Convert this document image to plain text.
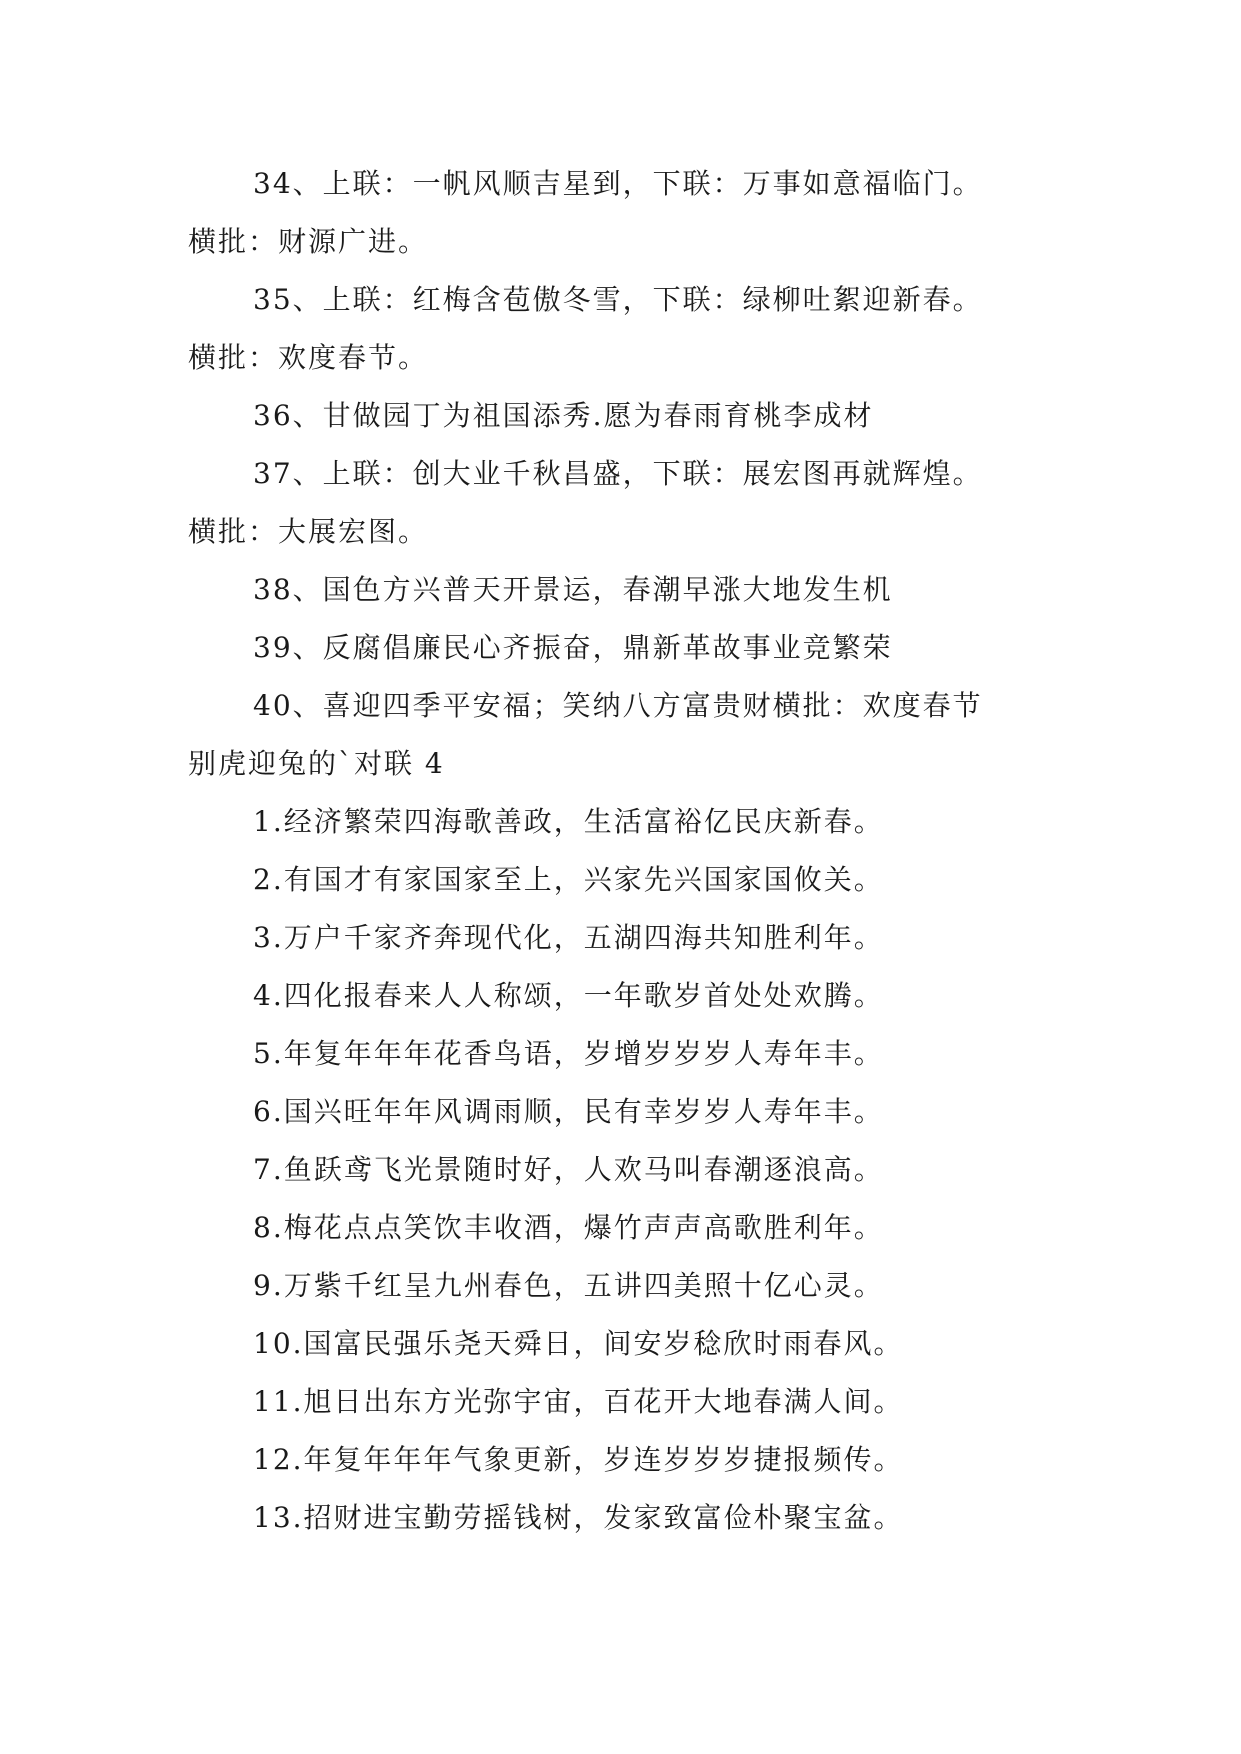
34、上联：一帆风顺吉星到，下联：万事如意福临门。

横批：财源广进。

35、上联：红梅含苞傲冬雪，下联：绿柳吐絮迎新春。

横批：欢度春节。

36、甘做园丁为祖国添秀.愿为春雨育桃李成材

37、上联：创大业千秋昌盛，下联：展宏图再就辉煌。

横批：大展宏图。

38、国色方兴普天开景运，春潮早涨大地发生机

39、反腐倡廉民心齐振奋，鼎新革故事业竞繁荣

40、喜迎四季平安福；笑纳八方富贵财横批：欢度春节

别虎迎兔的`对联 4

1.经济繁荣四海歌善政，生活富裕亿民庆新春。

2.有国才有家国家至上，兴家先兴国家国攸关。

3.万户千家齐奔现代化，五湖四海共知胜利年。

4.四化报春来人人称颂，一年歌岁首处处欢腾。

5.年复年年年花香鸟语，岁增岁岁岁人寿年丰。

6.国兴旺年年风调雨顺，民有幸岁岁人寿年丰。

7.鱼跃鸢飞光景随时好，人欢马叫春潮逐浪高。

8.梅花点点笑饮丰收酒，爆竹声声高歌胜利年。

9.万紫千红呈九州春色，五讲四美照十亿心灵。

10.国富民强乐尧天舜日，间安岁稔欣时雨春风。

11.旭日出东方光弥宇宙，百花开大地春满人间。

12.年复年年年气象更新，岁连岁岁岁捷报频传。

13.招财进宝勤劳摇钱树，发家致富俭朴聚宝盆。
